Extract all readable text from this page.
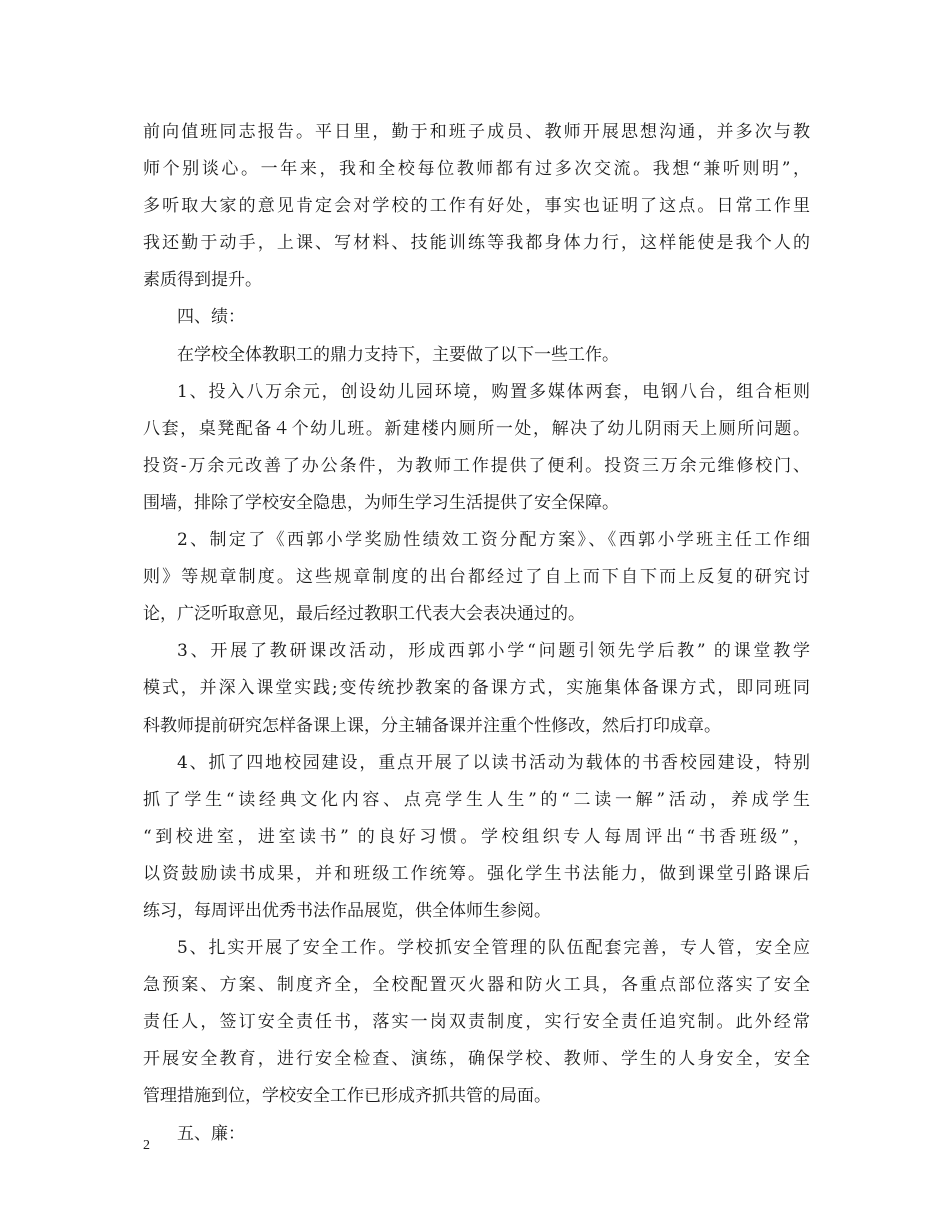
前向值班同志报告。平日里，勤于和班子成员、教师开展思想沟通，并多次与教
师个别谈心。一年来，我和全校每位教师都有过多次交流。我想“兼听则明”，
多听取大家的意见肯定会对学校的工作有好处，事实也证明了这点。日常工作里
我还勤于动手，上课、写材料、技能训练等我都身体力行，这样能使是我个人的
素质得到提升。
四、绩：
在学校全体教职工的鼎力支持下，主要做了以下一些工作。
1、投入八万余元，创设幼儿园环境，购置多媒体两套，电钢八台，组合柜则
八套，桌凳配备４个幼儿班。新建楼内厕所一处，解决了幼儿阴雨天上厕所问题。
投资-万余元改善了办公条件，为教师工作提供了便利。投资三万余元维修校门、
围墙，排除了学校安全隐患，为师生学习生活提供了安全保障。
2、制定了《西郭小学奖励性绩效工资分配方案》、《西郭小学班主任工作细
则》等规章制度。这些规章制度的出台都经过了自上而下自下而上反复的研究讨
论，广泛听取意见，最后经过教职工代表大会表决通过的。
3、开展了教研课改活动，形成西郭小学“问题引领先学后教” 的课堂教学
模式，并深入课堂实践;变传统抄教案的备课方式，实施集体备课方式，即同班同
科教师提前研究怎样备课上课，分主辅备课并注重个性修改，然后打印成章。
4、抓了四地校园建设，重点开展了以读书活动为载体的书香校园建设，特别
抓了学生“读经典文化内容、点亮学生人生”的“二读一解”活动，养成学生
“到校进室，进室读书” 的良好习惯。学校组织专人每周评出“书香班级”，
以资鼓励读书成果，并和班级工作统筹。强化学生书法能力，做到课堂引路课后
练习，每周评出优秀书法作品展览，供全体师生参阅。
5、扎实开展了安全工作。学校抓安全管理的队伍配套完善，专人管，安全应
急预案、方案、制度齐全，全校配置灭火器和防火工具，各重点部位落实了安全
责任人，签订安全责任书，落实一岗双责制度，实行安全责任追究制。此外经常
开展安全教育，进行安全检查、演练，确保学校、教师、学生的人身安全，安全
管理措施到位，学校安全工作已形成齐抓共管的局面。
五、廉：
2
